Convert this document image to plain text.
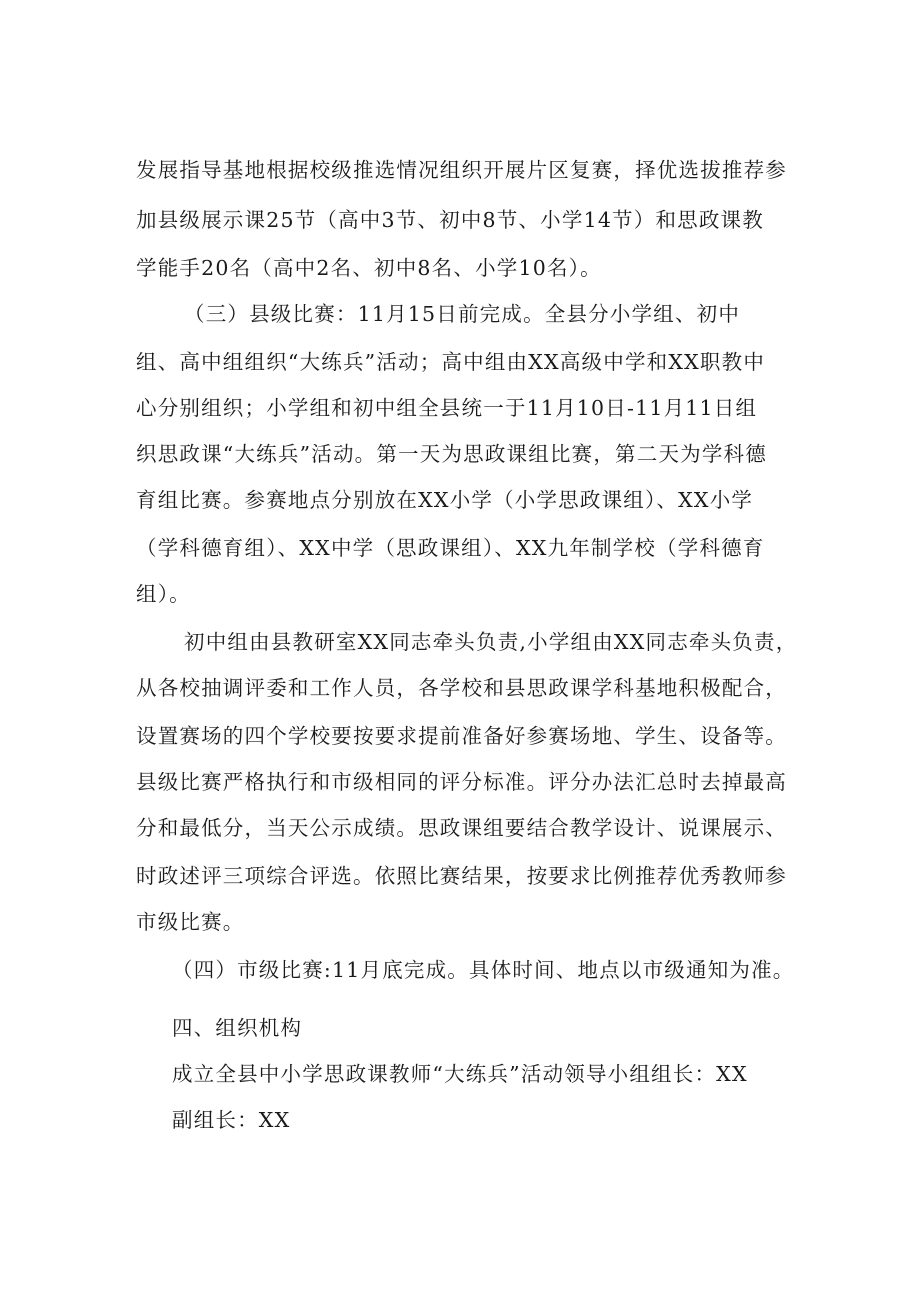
发展指导基地根据校级推选情况组织开展片区复赛，择优选拔推荐参
加县级展示课25节（高中3节、初中8节、小学14节）和思政课教
学能手20名（高中2名、初中8名、小学10名）。
（三）县级比赛：11月15日前完成。全县分小学组、初中
组、高中组组织“大练兵”活动；高中组由XX高级中学和XX职教中
心分别组织；小学组和初中组全县统一于11月10日-11月11日组
织思政课“大练兵”活动。第一天为思政课组比赛，第二天为学科德
育组比赛。参赛地点分别放在XX小学（小学思政课组）、XX小学
（学科德育组）、XX中学（思政课组）、XX九年制学校（学科德育
组）。
初中组由县教研室XX同志牵头负责,小学组由XX同志牵头负责，
从各校抽调评委和工作人员，各学校和县思政课学科基地积极配合，
设置赛场的四个学校要按要求提前准备好参赛场地、学生、设备等。
县级比赛严格执行和市级相同的评分标准。评分办法汇总时去掉最高
分和最低分，当天公示成绩。思政课组要结合教学设计、说课展示、
时政述评三项综合评选。依照比赛结果，按要求比例推荐优秀教师参
市级比赛。
（四）市级比赛:11月底完成。具体时间、地点以市级通知为准。
四、组织机构
成立全县中小学思政课教师“大练兵”活动领导小组组长：XX
副组长：XX
